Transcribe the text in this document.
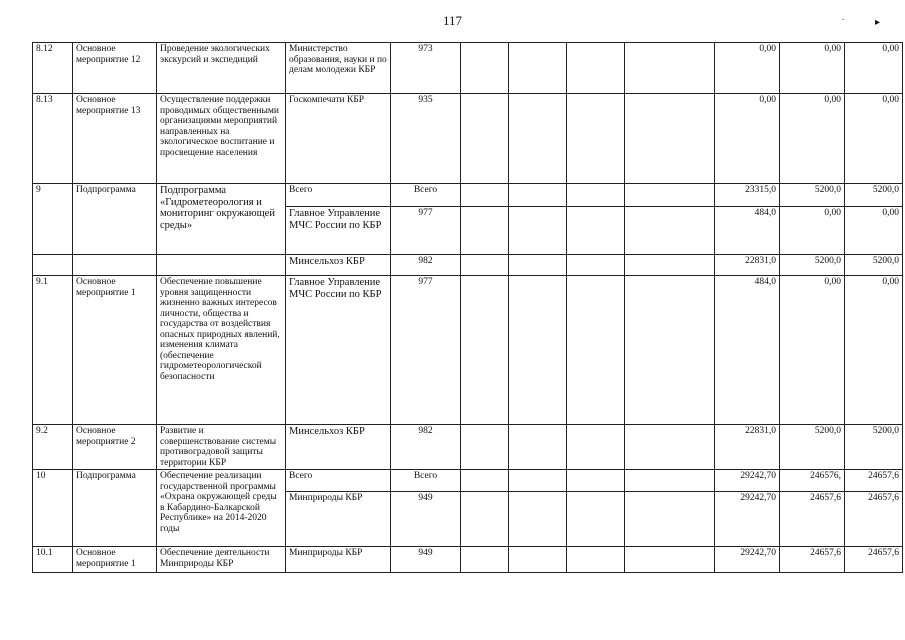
117	ˇ	▸
8.12	Основное мероприятие 12	Проведение экологических экскурсий и экспедиций	Министерство образования, науки и по делам молодежи КБР	973					0,00	0,00	0,00
8.13	Основное мероприятие 13	Осуществление поддержки проводимых общественными организациями мероприятий направленных на экологическое воспитание и просвещение населения	Госкомпечати КБР	935					0,00	0,00	0,00
9	Подпрограмма	Подпрограмма «Гидрометеорология и мониторинг окружающей среды»	Всего	Всего					23315,0	5200,0	5200,0
			Главное Управление МЧС России по КБР	977					484,0	0,00	0,00
			Минсельхоз КБР	982					22831,0	5200,0	5200,0
9.1	Основное мероприятие 1	Обеспечение повышение уровня защищенности жизненно важных интересов личности, общества и государства от воздействия опасных природных явлений, изменения климата (обеспечение гидрометеорологической безопасности	Главное Управление МЧС России по КБР	977					484,0	0,00	0,00
9.2	Основное мероприятие 2	Развитие и совершенствование системы противоградовой защиты территории КБР	Минсельхоз КБР	982					22831,0	5200,0	5200,0
10	Подпрограмма	Обеспечение реализации государственной программы «Охрана окружающей среды в Кабардино-Балкарской Республике» на 2014-2020 годы	Всего	Всего					29242,70	246576,	24657,6
			Минприроды КБР	949					29242,70	24657,6	24657,6
10.1	Основное мероприятие 1	Обеспечение деятельности Минприроды КБР	Минприроды КБР	949					29242,70	24657,6	24657,6
